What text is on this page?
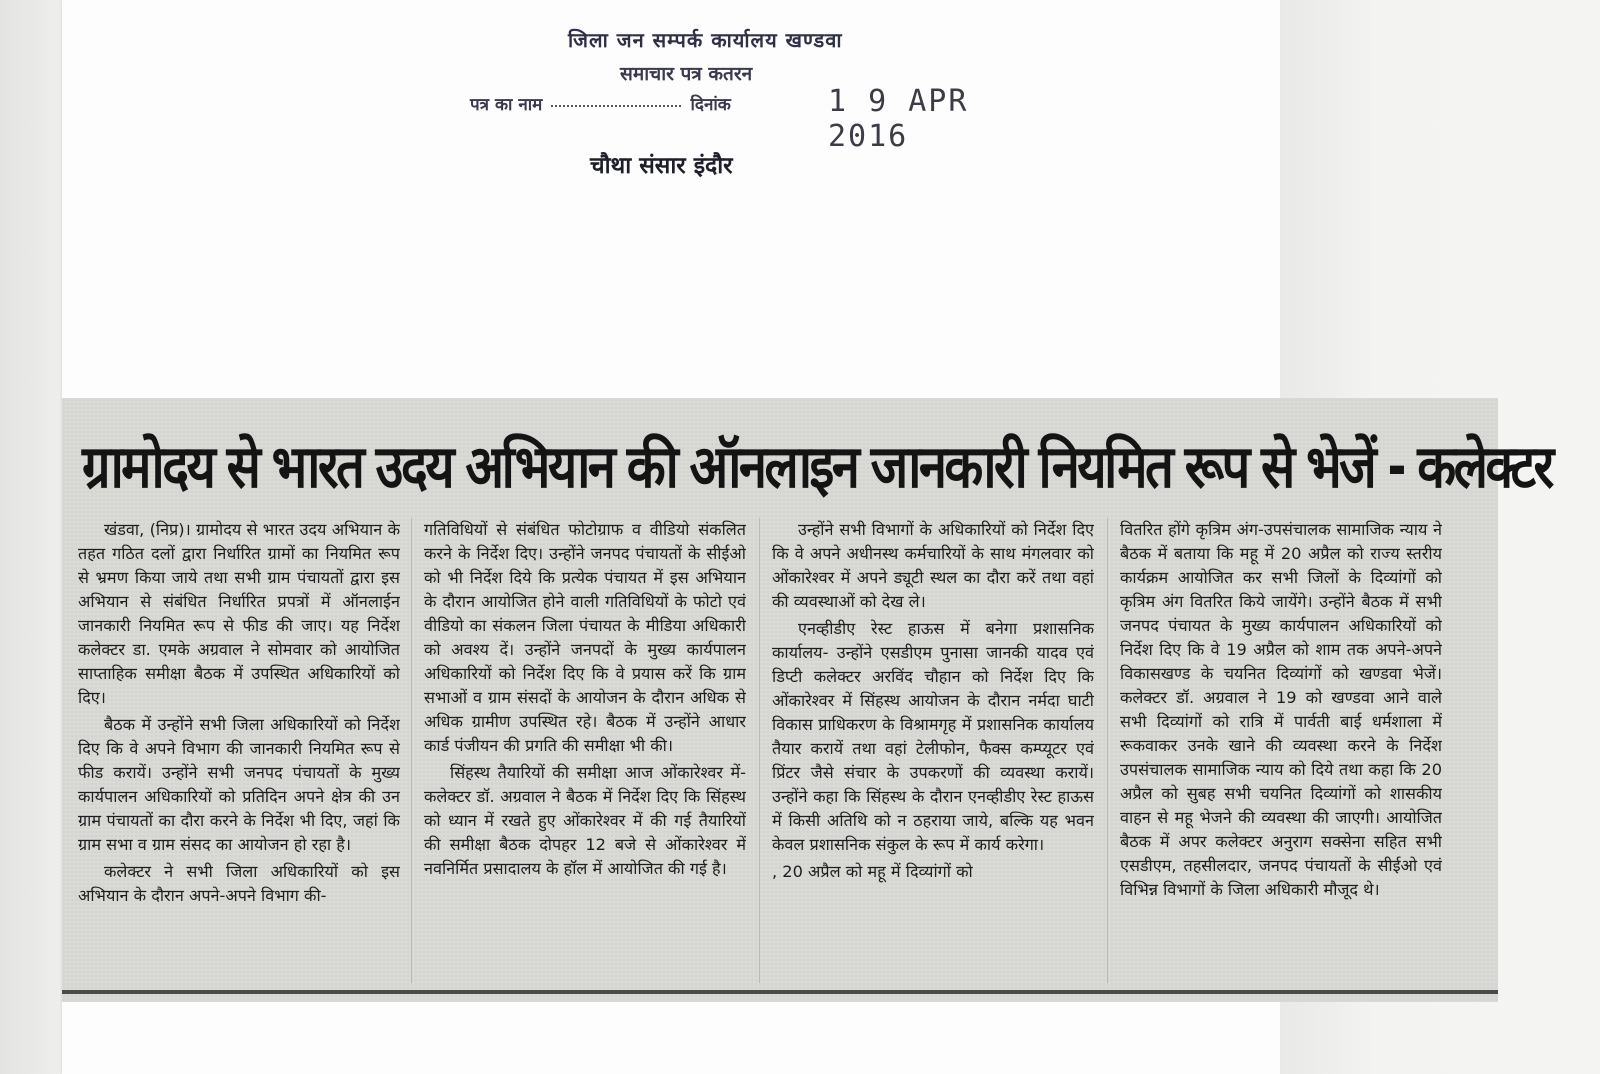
जिला जन सम्पर्क कार्यालय खण्डवा
समाचार पत्र कतरन
पत्र का नाम	दिनांक	1 9 APR 2016
चौथा संसार इंदौर
ग्रामोदय से भारत उदय अभियान की ऑनलाइन जानकारी नियमित रूप से भेजें - कलेक्टर

खंडवा, (निप्र)। ग्रामोदय से भारत उदय अभियान के तहत गठित दलों द्वारा निर्धारित ग्रामों का नियमित रूप से भ्रमण किया जाये तथा सभी ग्राम पंचायतों द्वारा इस अभियान से संबंधित निर्धारित प्रपत्रों में ऑनलाईन जानकारी नियमित रूप से फीड की जाए। यह निर्देश कलेक्टर डा. एमके अग्रवाल ने सोमवार को आयोजित साप्ताहिक समीक्षा बैठक में उपस्थित अधिकारियों को दिए।

बैठक में उन्होंने सभी जिला अधिकारियों को निर्देश दिए कि वे अपने विभाग की जानकारी नियमित रूप से फीड करायें। उन्होंने सभी जनपद पंचायतों के मुख्य कार्यपालन अधिकारियों को प्रतिदिन अपने क्षेत्र की उन ग्राम पंचायतों का दौरा करने के निर्देश भी दिए, जहां कि ग्राम सभा व ग्राम संसद का आयोजन हो रहा है।

कलेक्टर ने सभी जिला अधिकारियों को इस अभियान के दौरान अपने-अपने विभाग की-

गतिविधियों से संबंधित फोटोग्राफ व वीडियो संकलित करने के निर्देश दिए। उन्होंने जनपद पंचायतों के सीईओ को भी निर्देश दिये कि प्रत्येक पंचायत में इस अभियान के दौरान आयोजित होने वाली गतिविधियों के फोटो एवं वीडियो का संकलन जिला पंचायत के मीडिया अधिकारी को अवश्य दें। उन्होंने जनपदों के मुख्य कार्यपालन अधिकारियों को निर्देश दिए कि वे प्रयास करें कि ग्राम सभाओं व ग्राम संसदों के आयोजन के दौरान अधिक से अधिक ग्रामीण उपस्थित रहे। बैठक में उन्होंने आधार कार्ड पंजीयन की प्रगति की समीक्षा भी की।

सिंहस्थ तैयारियों की समीक्षा आज ओंकारेश्वर में-कलेक्टर डॉ. अग्रवाल ने बैठक में निर्देश दिए कि सिंहस्थ को ध्यान में रखते हुए ओंकारेश्वर में की गई तैयारियों की समीक्षा बैठक दोपहर 12 बजे से ओंकारेश्वर में नवनिर्मित प्रसादालय के हॉल में आयोजित की गई है।

उन्होंने सभी विभागों के अधिकारियों को निर्देश दिए कि वे अपने अधीनस्थ कर्मचारियों के साथ मंगलवार को ओंकारेश्वर में अपने ड्यूटी स्थल का दौरा करें तथा वहां की व्यवस्थाओं को देख ले।

एनव्हीडीए रेस्ट हाऊस में बनेगा प्रशासनिक कार्यालय- उन्होंने एसडीएम पुनासा जानकी यादव एवं डिप्टी कलेक्टर अरविंद चौहान को निर्देश दिए कि ओंकारेश्वर में सिंहस्थ आयोजन के दौरान नर्मदा घाटी विकास प्राधिकरण के विश्रामगृह में प्रशासनिक कार्यालय तैयार करायें तथा वहां टेलीफोन, फैक्स कम्प्यूटर एवं प्रिंटर जैसे संचार के उपकरणों की व्यवस्था करायें। उन्होंने कहा कि सिंहस्थ के दौरान एनव्हीडीए रेस्ट हाऊस में किसी अतिथि को न ठहराया जाये, बल्कि यह भवन केवल प्रशासनिक संकुल के रूप में कार्य करेगा।

, 20 अप्रैल को महू में दिव्यांगों को

वितरित होंगे कृत्रिम अंग-उपसंचालक सामाजिक न्याय ने बैठक में बताया कि महू में 20 अप्रैल को राज्य स्तरीय कार्यक्रम आयोजित कर सभी जिलों के दिव्यांगों को कृत्रिम अंग वितरित किये जायेंगे। उन्होंने बैठक में सभी जनपद पंचायत के मुख्य कार्यपालन अधिकारियों को निर्देश दिए कि वे 19 अप्रैल को शाम तक अपने-अपने विकासखण्ड के चयनित दिव्यांगों को खण्डवा भेजें। कलेक्टर डॉ. अग्रवाल ने 19 को खण्डवा आने वाले सभी दिव्यांगों को रात्रि में पार्वती बाई धर्मशाला में रूकवाकर उनके खाने की व्यवस्था करने के निर्देश उपसंचालक सामाजिक न्याय को दिये तथा कहा कि 20 अप्रैल को सुबह सभी चयनित दिव्यांगों को शासकीय वाहन से महू भेजने की व्यवस्था की जाएगी। आयोजित बैठक में अपर कलेक्टर अनुराग सक्सेना सहित सभी एसडीएम, तहसीलदार, जनपद पंचायतों के सीईओ एवं विभिन्न विभागों के जिला अधिकारी मौजूद थे।
